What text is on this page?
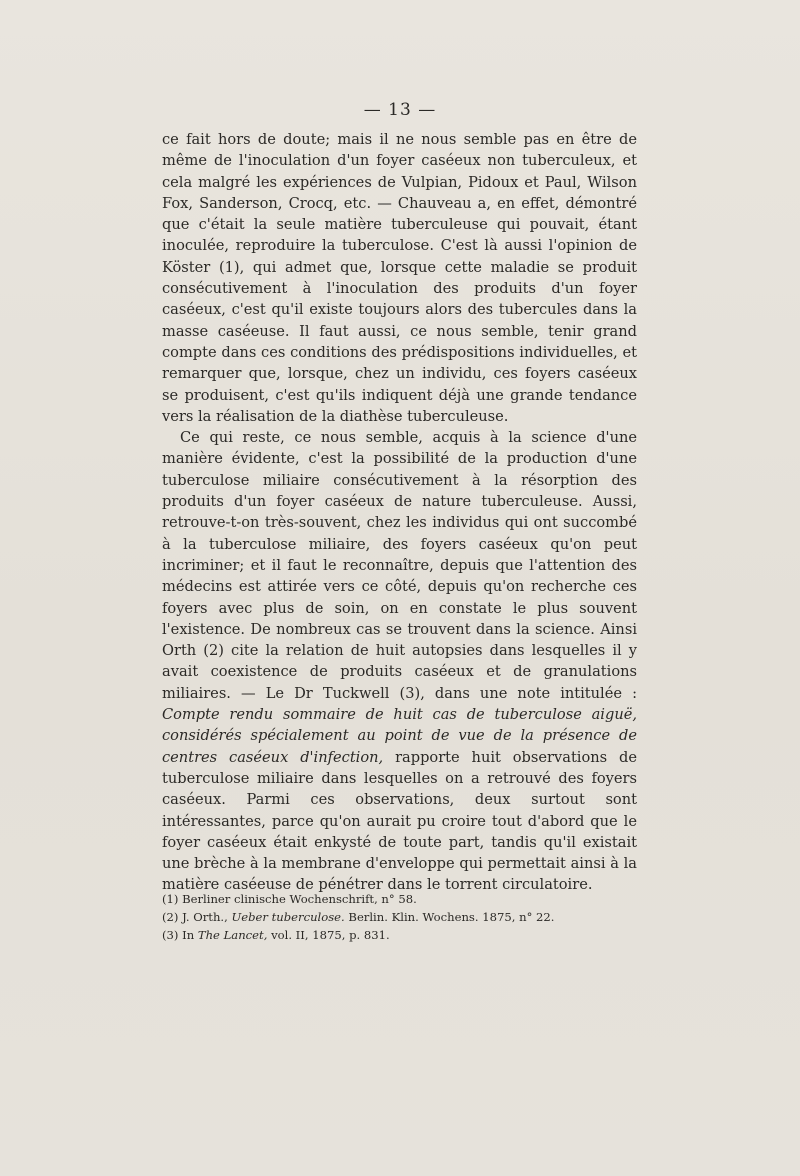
— 13 —

ce fait hors de doute; mais il ne nous semble pas en être de même de l'inoculation d'un foyer caséeux non tuberculeux, et cela malgré les expériences de Vulpian, Pidoux et Paul, Wilson Fox, Sanderson, Crocq, etc. — Chauveau a, en effet, démontré que c'était la seule matière tuberculeuse qui pouvait, étant inoculée, reproduire la tuberculose. C'est là aussi l'opinion de Köster (1), qui admet que, lorsque cette maladie se produit consécutivement à l'inoculation des produits d'un foyer caséeux, c'est qu'il existe toujours alors des tubercules dans la masse caséeuse. Il faut aussi, ce nous semble, tenir grand compte dans ces conditions des prédispositions individuelles, et remarquer que, lorsque, chez un individu, ces foyers caséeux se produisent, c'est qu'ils indiquent déjà une grande tendance vers la réalisation de la diathèse tuberculeuse.

Ce qui reste, ce nous semble, acquis à la science d'une manière évidente, c'est la possibilité de la production d'une tuberculose miliaire consécutivement à la résorption des produits d'un foyer caséeux de nature tuberculeuse. Aussi, retrouve-t-on très-souvent, chez les individus qui ont succombé à la tuberculose miliaire, des foyers caséeux qu'on peut incriminer; et il faut le reconnaître, depuis que l'attention des médecins est attirée vers ce côté, depuis qu'on recherche ces foyers avec plus de soin, on en constate le plus souvent l'existence. De nombreux cas se trouvent dans la science. Ainsi Orth (2) cite la relation de huit autopsies dans lesquelles il y avait coexistence de produits caséeux et de granulations miliaires. — Le Dr Tuckwell (3), dans une note intitulée : Compte rendu sommaire de huit cas de tuberculose aiguë, considérés spécialement au point de vue de la présence de centres caséeux d'infection, rapporte huit observations de tuberculose miliaire dans lesquelles on a retrouvé des foyers caséeux. Parmi ces observations, deux surtout sont intéressantes, parce qu'on aurait pu croire tout d'abord que le foyer caséeux était enkysté de toute part, tandis qu'il existait une brèche à la membrane d'enveloppe qui permettait ainsi à la matière caséeuse de pénétrer dans le torrent circulatoire.

(1) Berliner clinische Wochenschrift, n° 58.

(2) J. Orth., Ueber tuberculose. Berlin. Klin. Wochens. 1875, n° 22.

(3) In The Lancet, vol. II, 1875, p. 831.
